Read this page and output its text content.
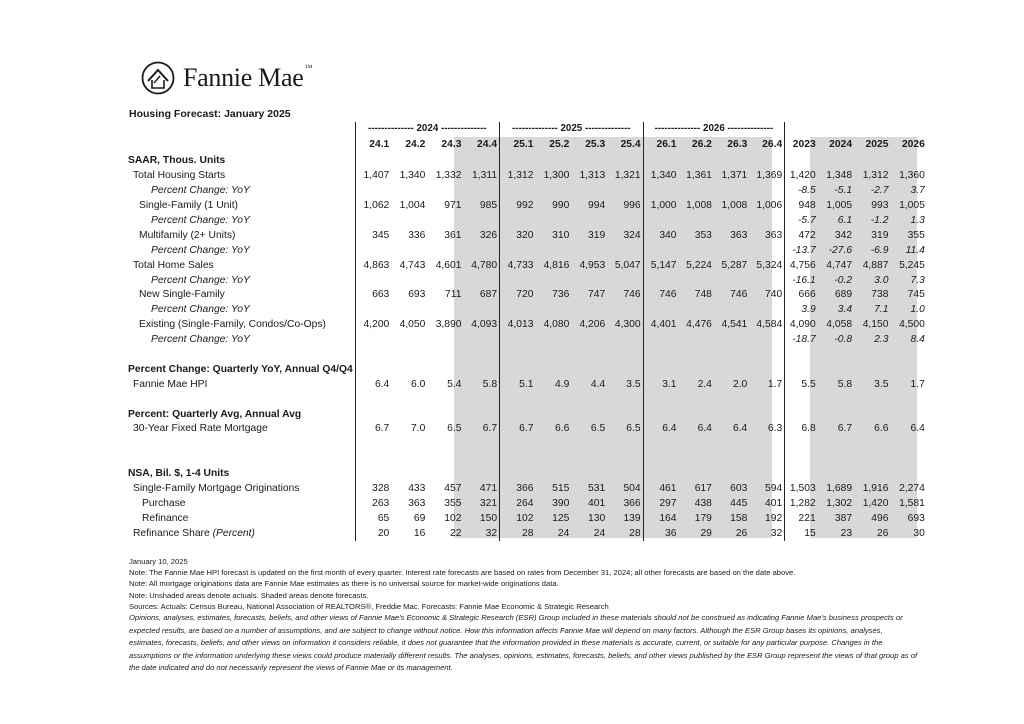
Fannie Mae™
Housing Forecast: January 2025
	-------------- 2024 --------------				-------------- 2025 --------------				-------------- 2026 --------------							
	24.1	24.2	24.3	24.4	25.1	25.2	25.3	25.4	26.1	26.2	26.3	26.4	2023	2024	2025	2026
SAAR, Thous. Units																
Total Housing Starts	1,407	1,340	1,332	1,311	1,312	1,300	1,313	1,321	1,340	1,361	1,371	1,369	1,420	1,348	1,312	1,360
Percent Change: YoY													-8.5	-5.1	-2.7	3.7
Single-Family (1 Unit)	1,062	1,004	971	985	992	990	994	996	1,000	1,008	1,008	1,006	948	1,005	993	1,005
Percent Change: YoY													-5.7	6.1	-1.2	1.3
Multifamily (2+ Units)	345	336	361	326	320	310	319	324	340	353	363	363	472	342	319	355
Percent Change: YoY													-13.7	-27.6	-6.9	11.4
Total Home Sales	4,863	4,743	4,601	4,780	4,733	4,816	4,953	5,047	5,147	5,224	5,287	5,324	4,756	4,747	4,887	5,245
Percent Change: YoY													-16.1	-0.2	3.0	7.3
New Single-Family	663	693	711	687	720	736	747	746	746	748	746	740	666	689	738	745
Percent Change: YoY													3.9	3.4	7.1	1.0
Existing (Single-Family, Condos/Co-Ops)	4,200	4,050	3,890	4,093	4,013	4,080	4,206	4,300	4,401	4,476	4,541	4,584	4,090	4,058	4,150	4,500
Percent Change: YoY													-18.7	-0.8	2.3	8.4

Percent Change: Quarterly YoY, Annual Q4/Q4																
Fannie Mae HPI	6.4	6.0	5.4	5.8	5.1	4.9	4.4	3.5	3.1	2.4	2.0	1.7	5.5	5.8	3.5	1.7

Percent: Quarterly Avg, Annual Avg																
30-Year Fixed Rate Mortgage	6.7	7.0	6.5	6.7	6.7	6.6	6.5	6.5	6.4	6.4	6.4	6.3	6.8	6.7	6.6	6.4

NSA, Bil. $, 1-4 Units																
Single-Family Mortgage Originations	328	433	457	471	366	515	531	504	461	617	603	594	1,503	1,689	1,916	2,274
Purchase	263	363	355	321	264	390	401	366	297	438	445	401	1,282	1,302	1,420	1,581
Refinance	65	69	102	150	102	125	130	139	164	179	158	192	221	387	496	693
Refinance Share (Percent)	20	16	22	32	28	24	24	28	36	29	26	32	15	23	26	30
January 10, 2025
Note: The Fannie Mae HPI forecast is updated on the first month of every quarter. Interest rate forecasts are based on rates from December 31, 2024; all other forecasts are based on the date above.
Note: All mortgage originations data are Fannie Mae estimates as there is no universal source for market-wide originations data.
Note: Unshaded areas denote actuals. Shaded areas denote forecasts.
Sources: Actuals: Census Bureau, National Association of REALTORS®, Freddie Mac. Forecasts: Fannie Mae Economic & Strategic Research
Opinions, analyses, estimates, forecasts, beliefs, and other views of Fannie Mae's Economic & Strategic Research (ESR) Group included in these materials should not be construed as indicating Fannie Mae's business prospects or expected results, are based on a number of assumptions, and are subject to change without notice. How this information affects Fannie Mae will depend on many factors. Although the ESR Group bases its opinions, analyses, estimates, forecasts, beliefs, and other views on information it considers reliable, it does not guarantee that the information provided in these materials is accurate, current, or suitable for any particular purpose. Changes in the assumptions or the information underlying these views could produce materially different results. The analyses, opinions, estimates, forecasts, beliefs, and other views published by the ESR Group represent the views of that group as of the date indicated and do not necessarily represent the views of Fannie Mae or its management.
